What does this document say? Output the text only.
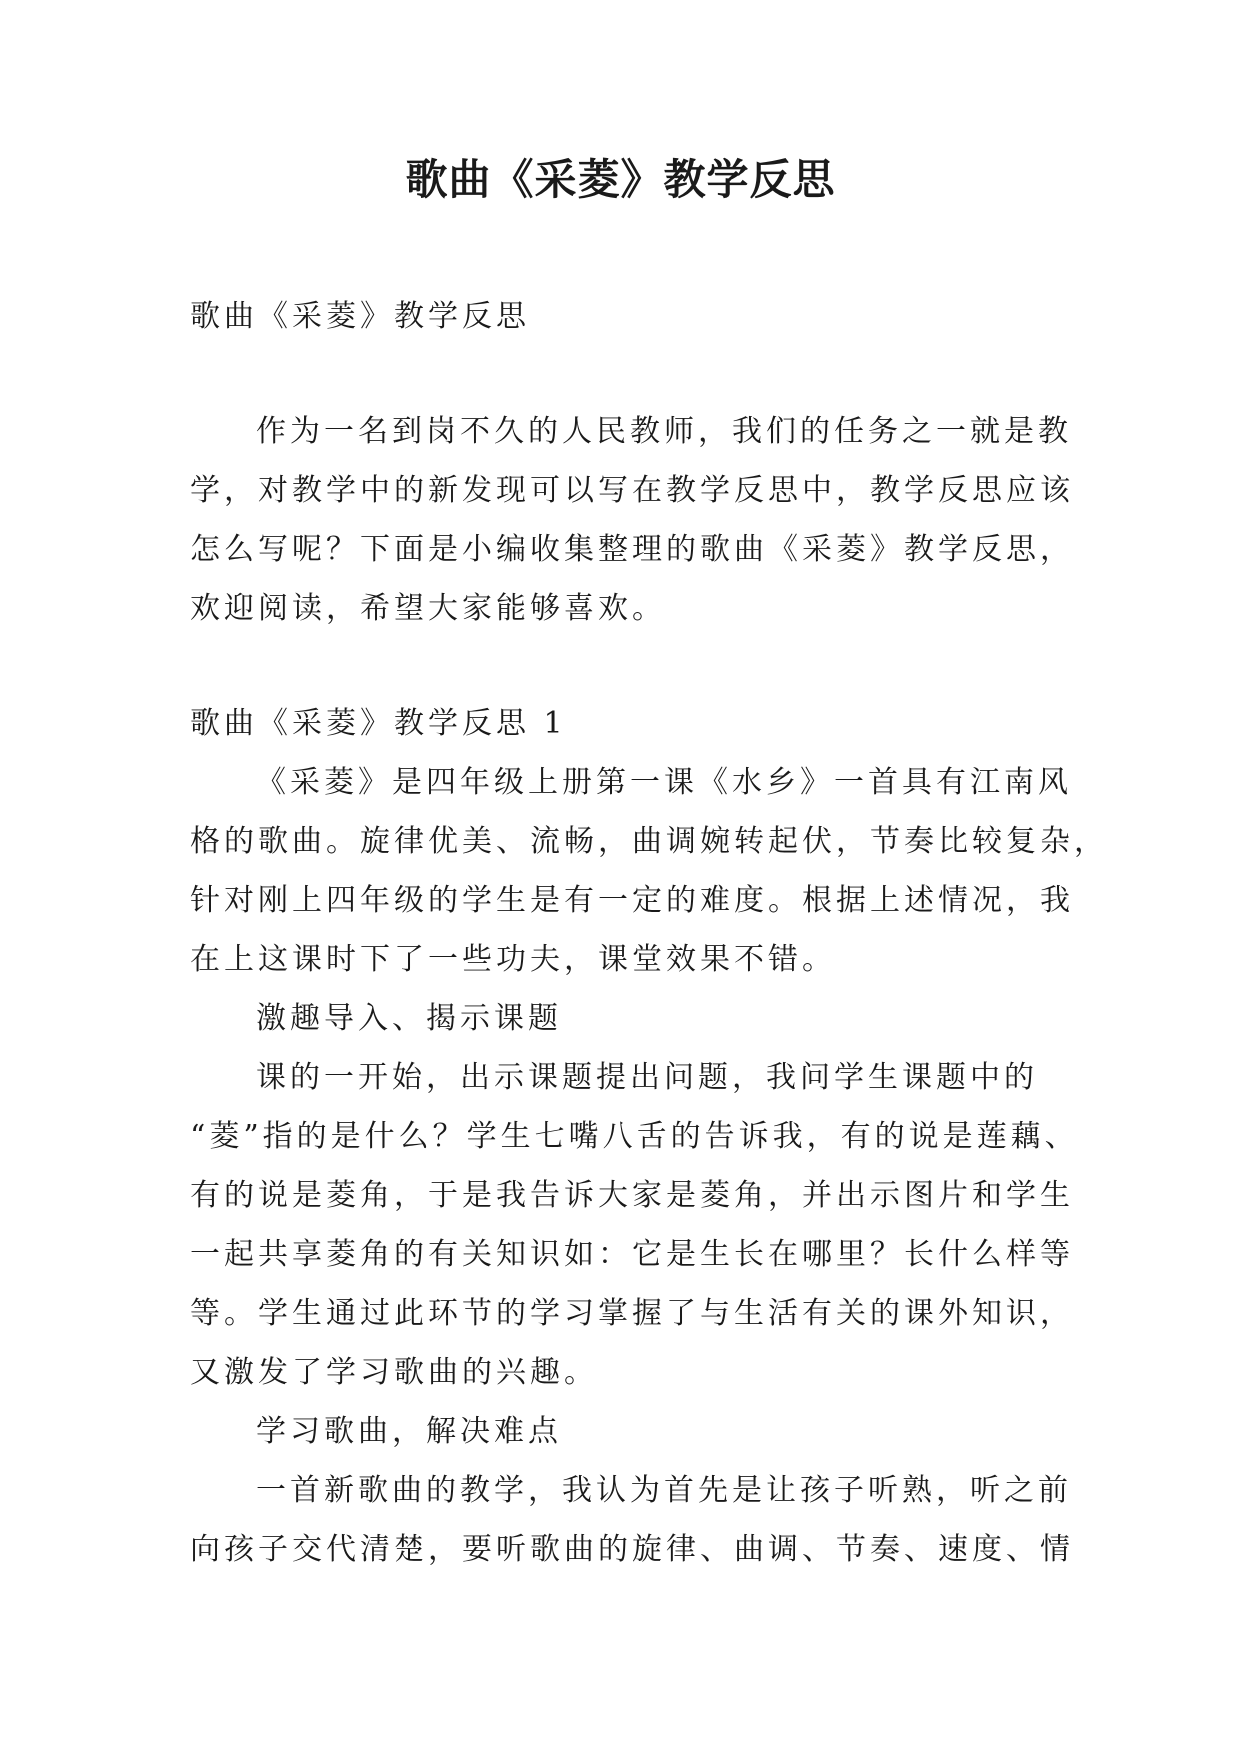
歌曲《采菱》教学反思
歌曲《采菱》教学反思
作为一名到岗不久的人民教师，我们的任务之一就是教
学，对教学中的新发现可以写在教学反思中，教学反思应该
怎么写呢？下面是小编收集整理的歌曲《采菱》教学反思，
欢迎阅读，希望大家能够喜欢。
歌曲《采菱》教学反思 1
《采菱》是四年级上册第一课《水乡》一首具有江南风
格的歌曲。旋律优美、流畅，曲调婉转起伏，节奏比较复杂，
针对刚上四年级的学生是有一定的难度。根据上述情况，我
在上这课时下了一些功夫，课堂效果不错。
激趣导入、揭示课题
课的一开始，出示课题提出问题，我问学生课题中的
“菱”指的是什么？学生七嘴八舌的告诉我，有的说是莲藕、
有的说是菱角，于是我告诉大家是菱角，并出示图片和学生
一起共享菱角的有关知识如：它是生长在哪里？长什么样等
等。学生通过此环节的学习掌握了与生活有关的课外知识，
又激发了学习歌曲的兴趣。
学习歌曲，解决难点
一首新歌曲的教学，我认为首先是让孩子听熟，听之前
向孩子交代清楚，要听歌曲的旋律、曲调、节奏、速度、情
